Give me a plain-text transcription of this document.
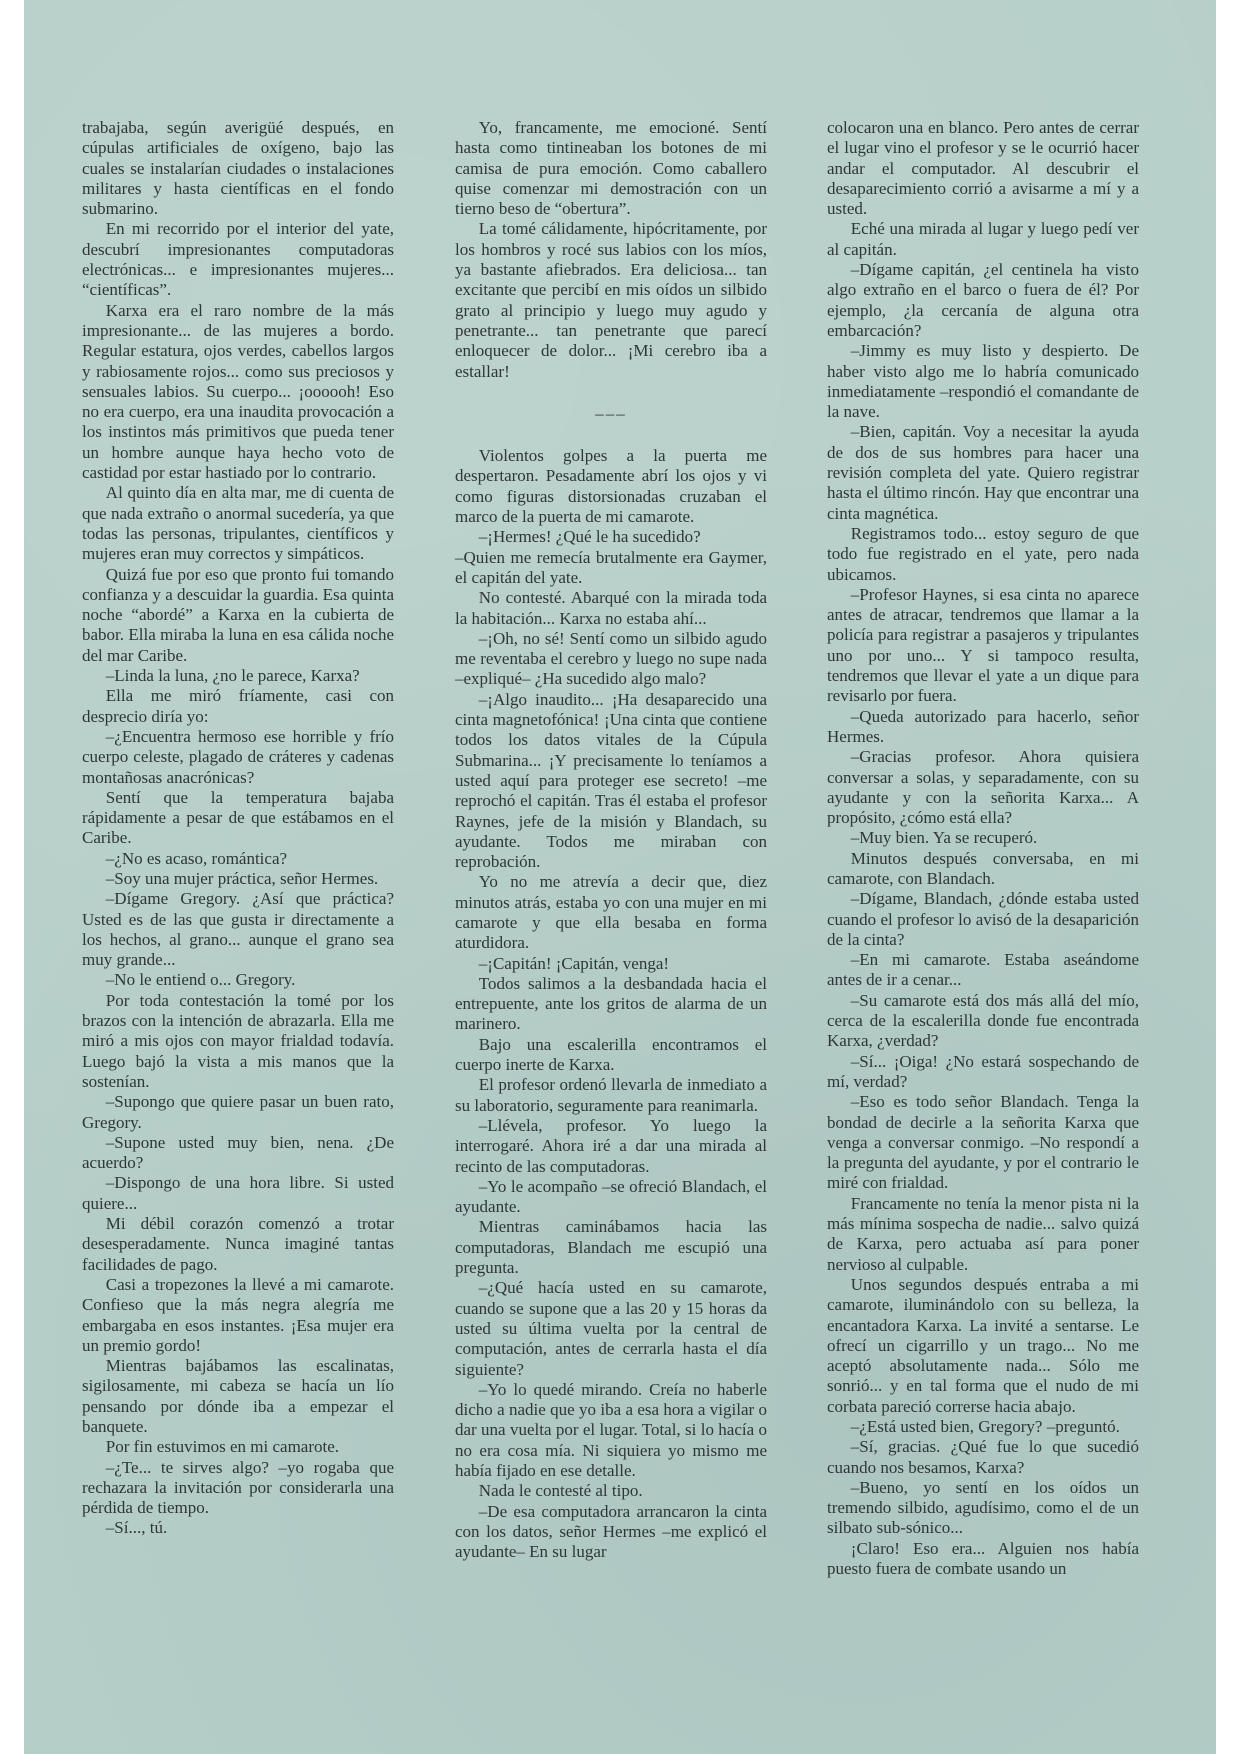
trabajaba, según averigüé después, en cúpulas artificiales de oxígeno, bajo las cuales se instalarían ciudades o instalaciones militares y hasta científicas en el fondo submarino.

En mi recorrido por el interior del yate, descubrí impresionantes computadoras electrónicas... e impresionantes mujeres... “científicas”.

Karxa era el raro nombre de la más impresionante... de las mujeres a bordo. Regular estatura, ojos verdes, cabellos largos y rabiosamente rojos... como sus preciosos y sensuales labios. Su cuerpo... ¡oooooh! Eso no era cuerpo, era una inaudita provocación a los instintos más primitivos que pueda tener un hombre aunque haya hecho voto de castidad por estar hastiado por lo contrario.

Al quinto día en alta mar, me di cuenta de que nada extraño o anormal sucedería, ya que todas las personas, tripulantes, científicos y mujeres eran muy correctos y simpáticos.

Quizá fue por eso que pronto fui tomando confianza y a descuidar la guardia. Esa quinta noche “abordé” a Karxa en la cubierta de babor. Ella miraba la luna en esa cálida noche del mar Caribe.

–Linda la luna, ¿no le parece, Karxa?

Ella me miró fríamente, casi con desprecio diría yo:

–¿Encuentra hermoso ese horrible y frío cuerpo celeste, plagado de cráteres y cadenas montañosas anacrónicas?

Sentí que la temperatura bajaba rápidamente a pesar de que estábamos en el Caribe.

–¿No es acaso, romántica?

–Soy una mujer práctica, señor Hermes.

–Dígame Gregory. ¿Así que práctica? Usted es de las que gusta ir directamente a los hechos, al grano... aunque el grano sea muy grande...

–No le entiend o... Gregory.

Por toda contestación la tomé por los brazos con la intención de abrazarla. Ella me miró a mis ojos con mayor frialdad todavía. Luego bajó la vista a mis manos que la sostenían.

–Supongo que quiere pasar un buen rato, Gregory.

–Supone usted muy bien, nena. ¿De acuerdo?

–Dispongo de una hora libre. Si usted quiere...

Mi débil corazón comenzó a trotar desesperadamente. Nunca imaginé tantas facilidades de pago.

Casi a tropezones la llevé a mi camarote. Confieso que la más negra alegría me embargaba en esos instantes. ¡Esa mujer era un premio gordo!

Mientras bajábamos las escalinatas, sigilosamente, mi cabeza se hacía un lío pensando por dónde iba a empezar el banquete.

Por fin estuvimos en mi camarote.

–¿Te... te sirves algo? –yo rogaba que rechazara la invitación por considerarla una pérdida de tiempo.

–Sí..., tú.

Yo, francamente, me emocioné. Sentí hasta como tintineaban los botones de mi camisa de pura emoción. Como caballero quise comenzar mi demostración con un tierno beso de “obertura”.

La tomé cálidamente, hipócritamente, por los hombros y rocé sus labios con los míos, ya bastante afiebrados. Era deliciosa... tan excitante que percibí en mis oídos un silbido grato al principio y luego muy agudo y penetrante... tan penetrante que parecí enloquecer de dolor... ¡Mi cerebro iba a estallar!

–––

Violentos golpes a la puerta me despertaron. Pesadamente abrí los ojos y vi como figuras distorsionadas cruzaban el marco de la puerta de mi camarote.

–¡Hermes! ¿Qué le ha sucedido?

–Quien me remecía brutalmente era Gaymer, el capitán del yate.

No contesté. Abarqué con la mirada toda la habitación... Karxa no estaba ahí...

–¡Oh, no sé! Sentí como un silbido agudo me reventaba el cerebro y luego no supe nada –expliqué– ¿Ha sucedido algo malo?

–¡Algo inaudito... ¡Ha desaparecido una cinta magnetofónica! ¡Una cinta que contiene todos los datos vitales de la Cúpula Submarina... ¡Y precisamente lo teníamos a usted aquí para proteger ese secreto! –me reprochó el capitán. Tras él estaba el profesor Raynes, jefe de la misión y Blandach, su ayudante. Todos me miraban con reprobación.

Yo no me atrevía a decir que, diez minutos atrás, estaba yo con una mujer en mi camarote y que ella besaba en forma aturdidora.

–¡Capitán! ¡Capitán, venga!

Todos salimos a la desbandada hacia el entrepuente, ante los gritos de alarma de un marinero.

Bajo una escalerilla encontramos el cuerpo inerte de Karxa.

El profesor ordenó llevarla de inmediato a su laboratorio, seguramente para reanimarla.

–Llévela, profesor. Yo luego la interrogaré. Ahora iré a dar una mirada al recinto de las computadoras.

–Yo le acompaño –se ofreció Blandach, el ayudante.

Mientras caminábamos hacia las computadoras, Blandach me escupió una pregunta.

–¿Qué hacía usted en su camarote, cuando se supone que a las 20 y 15 horas da usted su última vuelta por la central de computación, antes de cerrarla hasta el día siguiente?

–Yo lo quedé mirando. Creía no haberle dicho a nadie que yo iba a esa hora a vigilar o dar una vuelta por el lugar. Total, si lo hacía o no era cosa mía. Ni siquiera yo mismo me había fijado en ese detalle.

Nada le contesté al tipo.

–De esa computadora arrancaron la cinta con los datos, señor Hermes –me explicó el ayudante– En su lugar

colocaron una en blanco. Pero antes de cerrar el lugar vino el profesor y se le ocurrió hacer andar el computador. Al descubrir el desaparecimiento corrió a avisarme a mí y a usted.

Eché una mirada al lugar y luego pedí ver al capitán.

–Dígame capitán, ¿el centinela ha visto algo extraño en el barco o fuera de él? Por ejemplo, ¿la cercanía de alguna otra embarcación?

–Jimmy es muy listo y despierto. De haber visto algo me lo habría comunicado inmediatamente –respondió el comandante de la nave.

–Bien, capitán. Voy a necesitar la ayuda de dos de sus hombres para hacer una revisión completa del yate. Quiero registrar hasta el último rincón. Hay que encontrar una cinta magnética.

Registramos todo... estoy seguro de que todo fue registrado en el yate, pero nada ubicamos.

–Profesor Haynes, si esa cinta no aparece antes de atracar, tendremos que llamar a la policía para registrar a pasajeros y tripulantes uno por uno... Y si tampoco resulta, tendremos que llevar el yate a un dique para revisarlo por fuera.

–Queda autorizado para hacerlo, señor Hermes.

–Gracias profesor. Ahora quisiera conversar a solas, y separadamente, con su ayudante y con la señorita Karxa... A propósito, ¿cómo está ella?

–Muy bien. Ya se recuperó.

Minutos después conversaba, en mi camarote, con Blandach.

–Dígame, Blandach, ¿dónde estaba usted cuando el profesor lo avisó de la desaparición de la cinta?

–En mi camarote. Estaba aseándome antes de ir a cenar...

–Su camarote está dos más allá del mío, cerca de la escalerilla donde fue encontrada Karxa, ¿verdad?

–Sí... ¡Oiga! ¿No estará sospechando de mí, verdad?

–Eso es todo señor Blandach. Tenga la bondad de decirle a la señorita Karxa que venga a conversar conmigo. –No respondí a la pregunta del ayudante, y por el contrario le miré con frialdad.

Francamente no tenía la menor pista ni la más mínima sospecha de nadie... salvo quizá de Karxa, pero actuaba así para poner nervioso al culpable.

Unos segundos después entraba a mi camarote, iluminándolo con su belleza, la encantadora Karxa. La invité a sentarse. Le ofrecí un cigarrillo y un trago... No me aceptó absolutamente nada... Sólo me sonrió... y en tal forma que el nudo de mi corbata pareció correrse hacia abajo.

–¿Está usted bien, Gregory? –preguntó.

–Sí, gracias. ¿Qué fue lo que sucedió cuando nos besamos, Karxa?

–Bueno, yo sentí en los oídos un tremendo silbido, agudísimo, como el de un silbato sub-sónico...

¡Claro! Eso era... Alguien nos había puesto fuera de combate usando un
